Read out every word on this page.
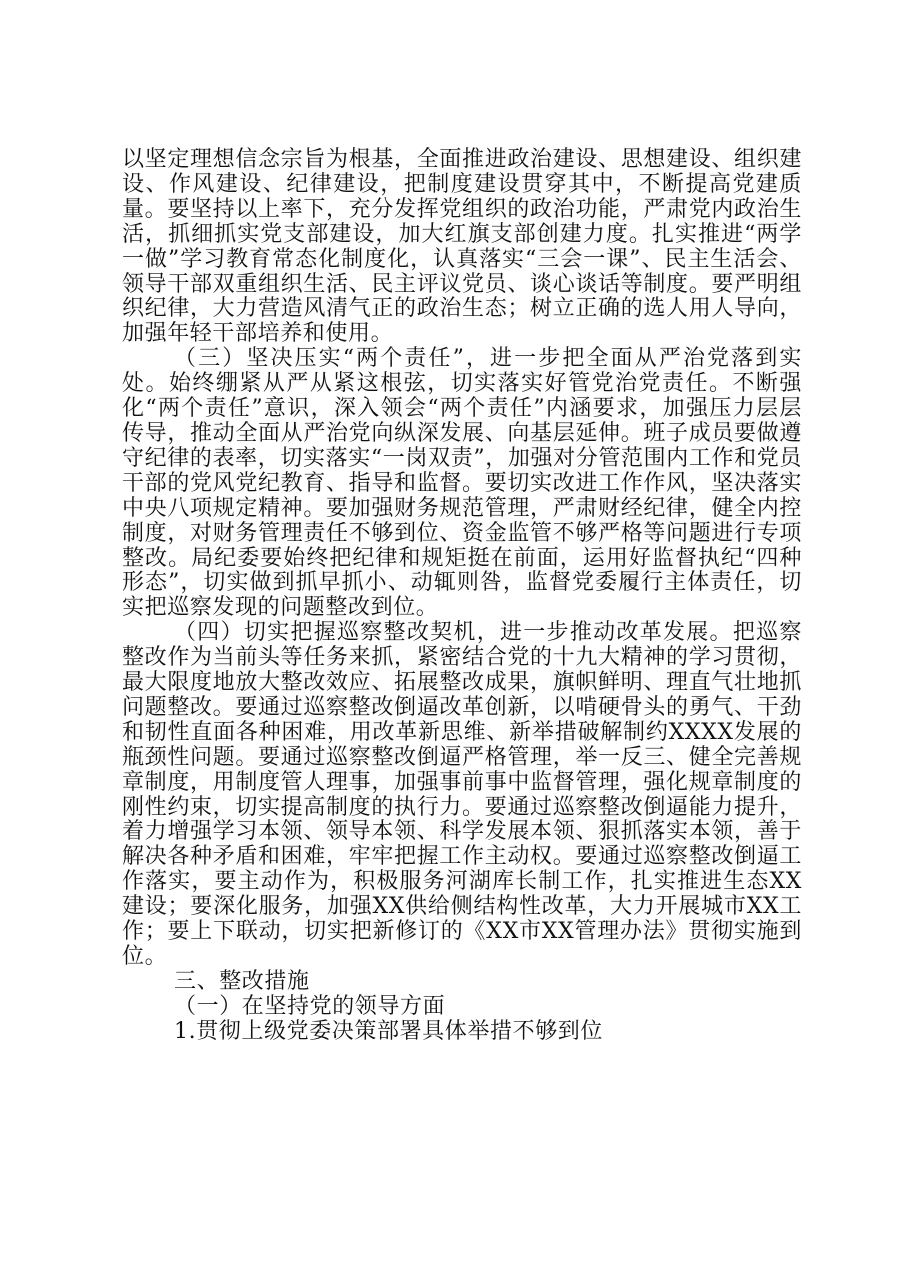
以坚定理想信念宗旨为根基，全面推进政治建设、思想建设、组织建设、作风建设、纪律建设，把制度建设贯穿其中，不断提高党建质量。要坚持以上率下，充分发挥党组织的政治功能，严肃党内政治生活，抓细抓实党支部建设，加大红旗支部创建力度。扎实推进“两学一做”学习教育常态化制度化，认真落实“三会一课”、民主生活会、领导干部双重组织生活、民主评议党员、谈心谈话等制度。要严明组织纪律，大力营造风清气正的政治生态；树立正确的选人用人导向，加强年轻干部培养和使用。

（三）坚决压实“两个责任”，进一步把全面从严治党落到实处。始终绷紧从严从紧这根弦，切实落实好管党治党责任。不断强化“两个责任”意识，深入领会“两个责任”内涵要求，加强压力层层传导，推动全面从严治党向纵深发展、向基层延伸。班子成员要做遵守纪律的表率，切实落实“一岗双责”，加强对分管范围内工作和党员干部的党风党纪教育、指导和监督。要切实改进工作作风，坚决落实中央八项规定精神。要加强财务规范管理，严肃财经纪律，健全内控制度，对财务管理责任不够到位、资金监管不够严格等问题进行专项整改。局纪委要始终把纪律和规矩挺在前面，运用好监督执纪“四种形态”，切实做到抓早抓小、动辄则咎，监督党委履行主体责任，切实把巡察发现的问题整改到位。

（四）切实把握巡察整改契机，进一步推动改革发展。把巡察整改作为当前头等任务来抓，紧密结合党的十九大精神的学习贯彻，最大限度地放大整改效应、拓展整改成果，旗帜鲜明、理直气壮地抓问题整改。要通过巡察整改倒逼改革创新，以啃硬骨头的勇气、干劲和韧性直面各种困难，用改革新思维、新举措破解制约XXXX发展的瓶颈性问题。要通过巡察整改倒逼严格管理，举一反三、健全完善规章制度，用制度管人理事，加强事前事中监督管理，强化规章制度的刚性约束，切实提高制度的执行力。要通过巡察整改倒逼能力提升，着力增强学习本领、领导本领、科学发展本领、狠抓落实本领，善于解决各种矛盾和困难，牢牢把握工作主动权。要通过巡察整改倒逼工作落实，要主动作为，积极服务河湖库长制工作，扎实推进生态XX建设；要深化服务，加强XX供给侧结构性改革，大力开展城市XX工作；要上下联动，切实把新修订的《XX市XX管理办法》贯彻实施到位。

三、整改措施

（一）在坚持党的领导方面

1.贯彻上级党委决策部署具体举措不够到位
